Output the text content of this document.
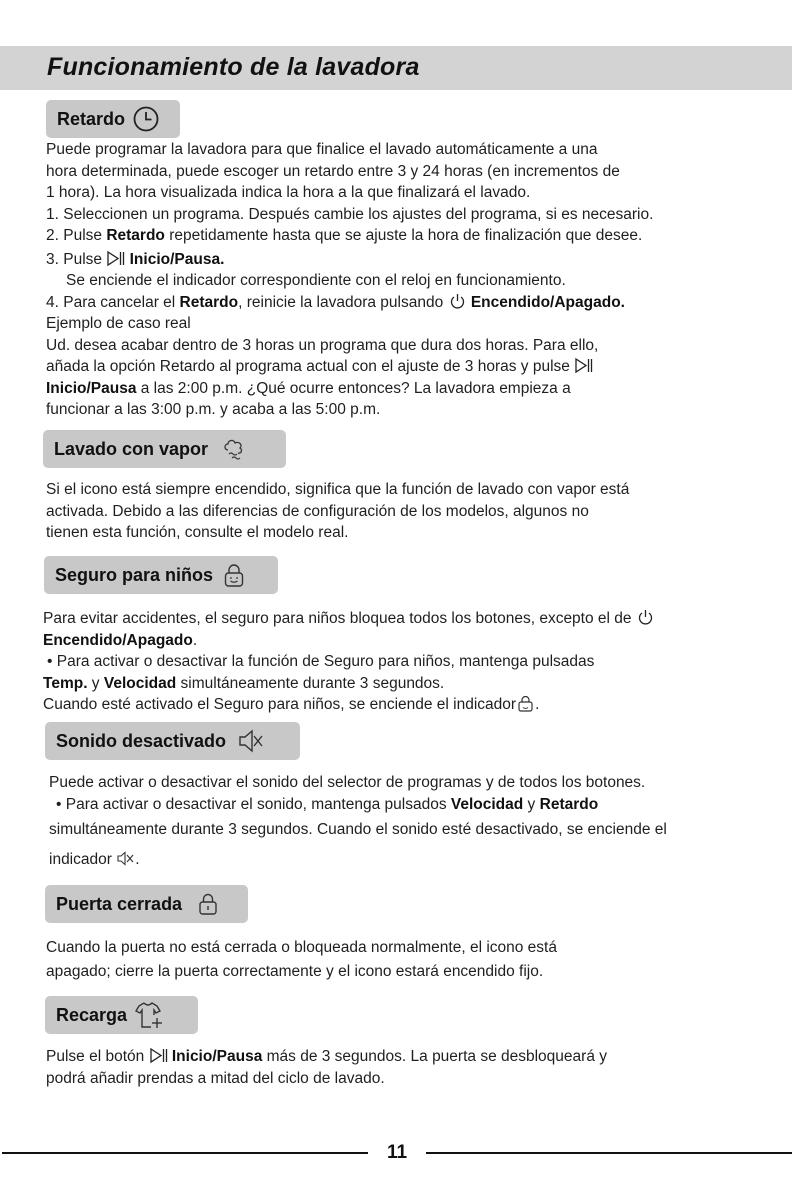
Funcionamiento de la lavadora
Retardo

Puede programar la lavadora para que finalice el lavado automáticamente a una

hora determinada, puede escoger un retardo entre 3 y 24 horas (en incrementos de

1 hora). La hora visualizada indica la hora a la que finalizará el lavado.

1. Seleccionen un programa. Después cambie los ajustes del programa, si es necesario.

2. Pulse Retardo repetidamente hasta que se ajuste la hora de finalización que desee.

3. Pulse
Inicio/Pausa.

Se enciende el indicador correspondiente con el reloj en funcionamiento.

4. Para cancelar el Retardo, reinicie la lavadora pulsando
Encendido/Apagado.

Ejemplo de caso real

Ud. desea acabar dentro de 3 horas un programa que dura dos horas. Para ello,

añada la opción Retardo al programa actual con el ajuste de 3 horas y pulse

Inicio/Pausa a las 2:00 p.m. ¿Qué ocurre entonces? La lavadora empieza a

funcionar a las 3:00 p.m. y acaba a las 5:00 p.m.

Lavado con vapor

Si el icono está siempre encendido, significa que la función de lavado con vapor está

activada. Debido a las diferencias de configuración de los modelos, algunos no

tienen esta función, consulte el modelo real.

Seguro para niños

Para evitar accidentes, el seguro para niños bloquea todos los botones, excepto el de

Encendido/Apagado.

• Para activar o desactivar la función de Seguro para niños, mantenga pulsadas

Temp. y Velocidad simultáneamente durante 3 segundos.

Cuando esté activado el Seguro para niños, se enciende el indicador .

Sonido desactivado

Puede activar o desactivar el sonido del selector de programas y de todos los botones.

• Para activar o desactivar el sonido, mantenga pulsados Velocidad y Retardo

simultáneamente durante 3 segundos. Cuando el sonido esté desactivado, se enciende el

indicador
.

Puerta cerrada

Cuando la puerta no está cerrada o bloqueada normalmente, el icono está

apagado; cierre la puerta correctamente y el icono estará encendido fijo.

Recarga

Pulse el botón
Inicio/Pausa más de 3 segundos. La puerta se desbloqueará y

podrá añadir prendas a mitad del ciclo de lavado.

11
